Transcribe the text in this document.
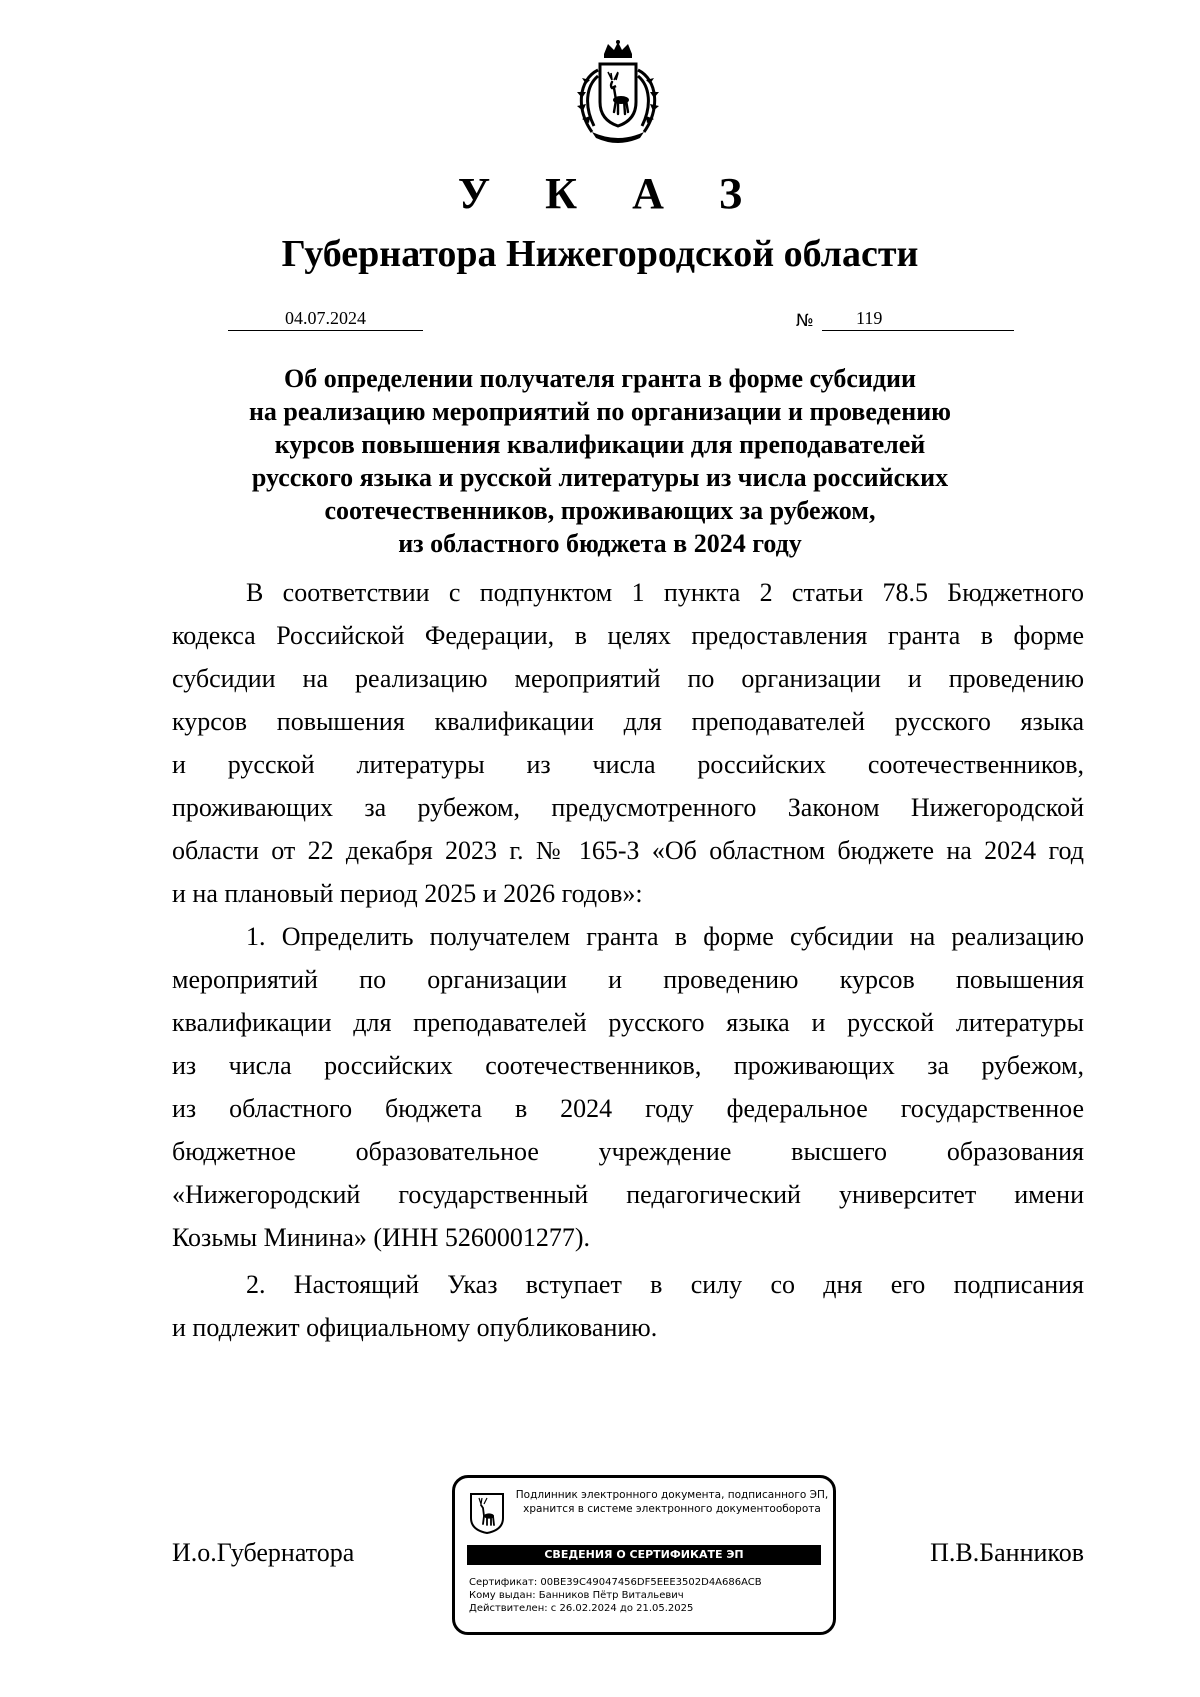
У К А З
Губернатора Нижегородской области
04.07.2024	№	119
Об определении получателя гранта в форме субсидии
на реализацию мероприятий по организации и проведению
курсов повышения квалификации для преподавателей
русского языка и русской литературы из числа российских
соотечественников, проживающих за рубежом,
из областного бюджета в 2024 году
В соответствии с подпунктом 1 пункта 2 статьи 78.5 Бюджетного
кодекса Российской Федерации, в целях предоставления гранта в форме
субсидии на реализацию мероприятий по организации и проведению
курсов повышения квалификации для преподавателей русского языка
и русской литературы из числа российских соотечественников,
проживающих за рубежом, предусмотренного Законом Нижегородской
области от 22 декабря 2023 г. № 165-З «Об областном бюджете на 2024 год
и на плановый период 2025 и 2026 годов»:
1. Определить получателем гранта в форме субсидии на реализацию
мероприятий по организации и проведению курсов повышения
квалификации для преподавателей русского языка и русской литературы
из числа российских соотечественников, проживающих за рубежом,
из областного бюджета в 2024 году федеральное государственное
бюджетное образовательное учреждение высшего образования
«Нижегородский государственный педагогический университет имени
Козьмы Минина» (ИНН 5260001277).
2. Настоящий Указ вступает в силу со дня его подписания
и подлежит официальному опубликованию.
И.о.Губернатора	П.В.Банников
Подлинник электронного документа, подписанного ЭП,
хранится в системе электронного документооборота
СВЕДЕНИЯ О СЕРТИФИКАТЕ ЭП
Сертификат: 00BE39C49047456DF5EEE3502D4A686ACB
Кому выдан: Банников Пётр Витальевич
Действителен: с 26.02.2024 до 21.05.2025
